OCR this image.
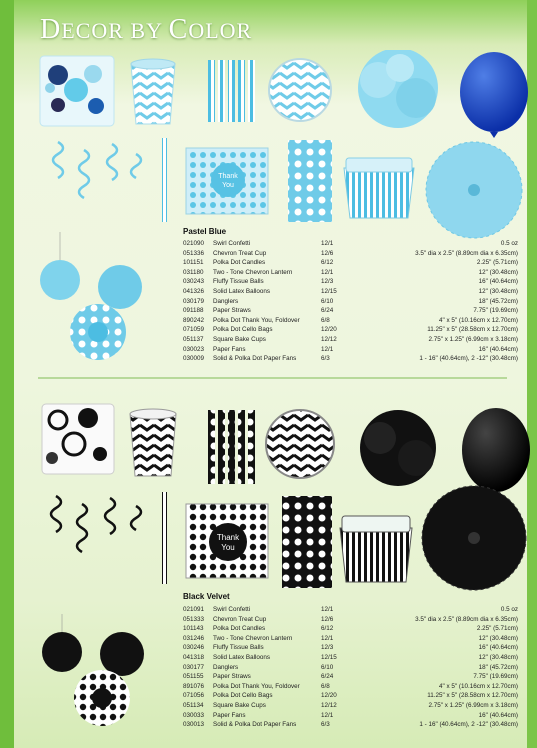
DECOR BY COLOR
Thank
You
Pastel Blue
021090 Swirl Confetti	12/1	0.5 oz
051336 Chevron Treat Cup	12/6	3.5" dia x 2.5" (8.89cm dia x 6.35cm)
101151 Polka Dot Candles	6/12	2.25" (5.71cm)
031180 Two - Tone Chevron Lantern	12/1	12" (30.48cm)
030243 Fluffy Tissue Balls	12/3	16" (40.64cm)
041326 Solid Latex Balloons	12/15	12" (30.48cm)
030179 Danglers	6/10	18" (45.72cm)
091188 Paper Straws	6/24	7.75" (19.69cm)
890242 Polka Dot Thank You, Foldover	6/8	4" x 5" (10.16cm x 12.70cm)
071059 Polka Dot Cello Bags	12/20	11.25" x 5" (28.58cm x 12.70cm)
051137 Square Bake Cups	12/12	2.75" x 1.25" (6.99cm x 3.18cm)
030023 Paper Fans	12/1	16" (40.64cm)
030009 Solid & Polka Dot Paper Fans	6/3	1 - 16" (40.64cm), 2 -12" (30.48cm)
Thank
You
Black Velvet
021091 Swirl Confetti	12/1	0.5 oz
051333 Chevron Treat Cup	12/6	3.5" dia x 2.5" (8.89cm dia x 6.35cm)
101143 Polka Dot Candles	6/12	2.25" (5.71cm)
031246 Two - Tone Chevron Lantern	12/1	12" (30.48cm)
030246 Fluffy Tissue Balls	12/3	16" (40.64cm)
041318 Solid Latex Balloons	12/15	12" (30.48cm)
030177 Danglers	6/10	18" (45.72cm)
051155 Paper Straws	6/24	7.75" (19.69cm)
891076 Polka Dot Thank You, Foldover	6/8	4" x 5" (10.16cm x 12.70cm)
071056 Polka Dot Cello Bags	12/20	11.25" x 5" (28.58cm x 12.70cm)
051134 Square Bake Cups	12/12	2.75" x 1.25" (6.99cm x 3.18cm)
030033 Paper Fans	12/1	16" (40.64cm)
030013 Solid & Polka Dot Paper Fans	6/3	1 - 16" (40.64cm), 2 -12" (30.48cm)
